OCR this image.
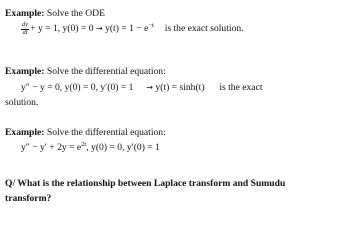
Example: Solve the ODE
$\frac{dy}{dt} + y = 1$, $y(0) = 0 \to y(t) = 1 - e^{-t}$ is the exact solution.
Example: Solve the differential equation:
y″ − y = 0, y(0) = 0, y′(0) = 1 → y(t) = sinh(t) is the exact
solution.
Example: Solve the differential equation:
$y'' - y' + 2y = e^{2t}$, y(0) = 0, y′(0) = 1
Q/ What is the relationship between Laplace transform and Sumudu
transform?
